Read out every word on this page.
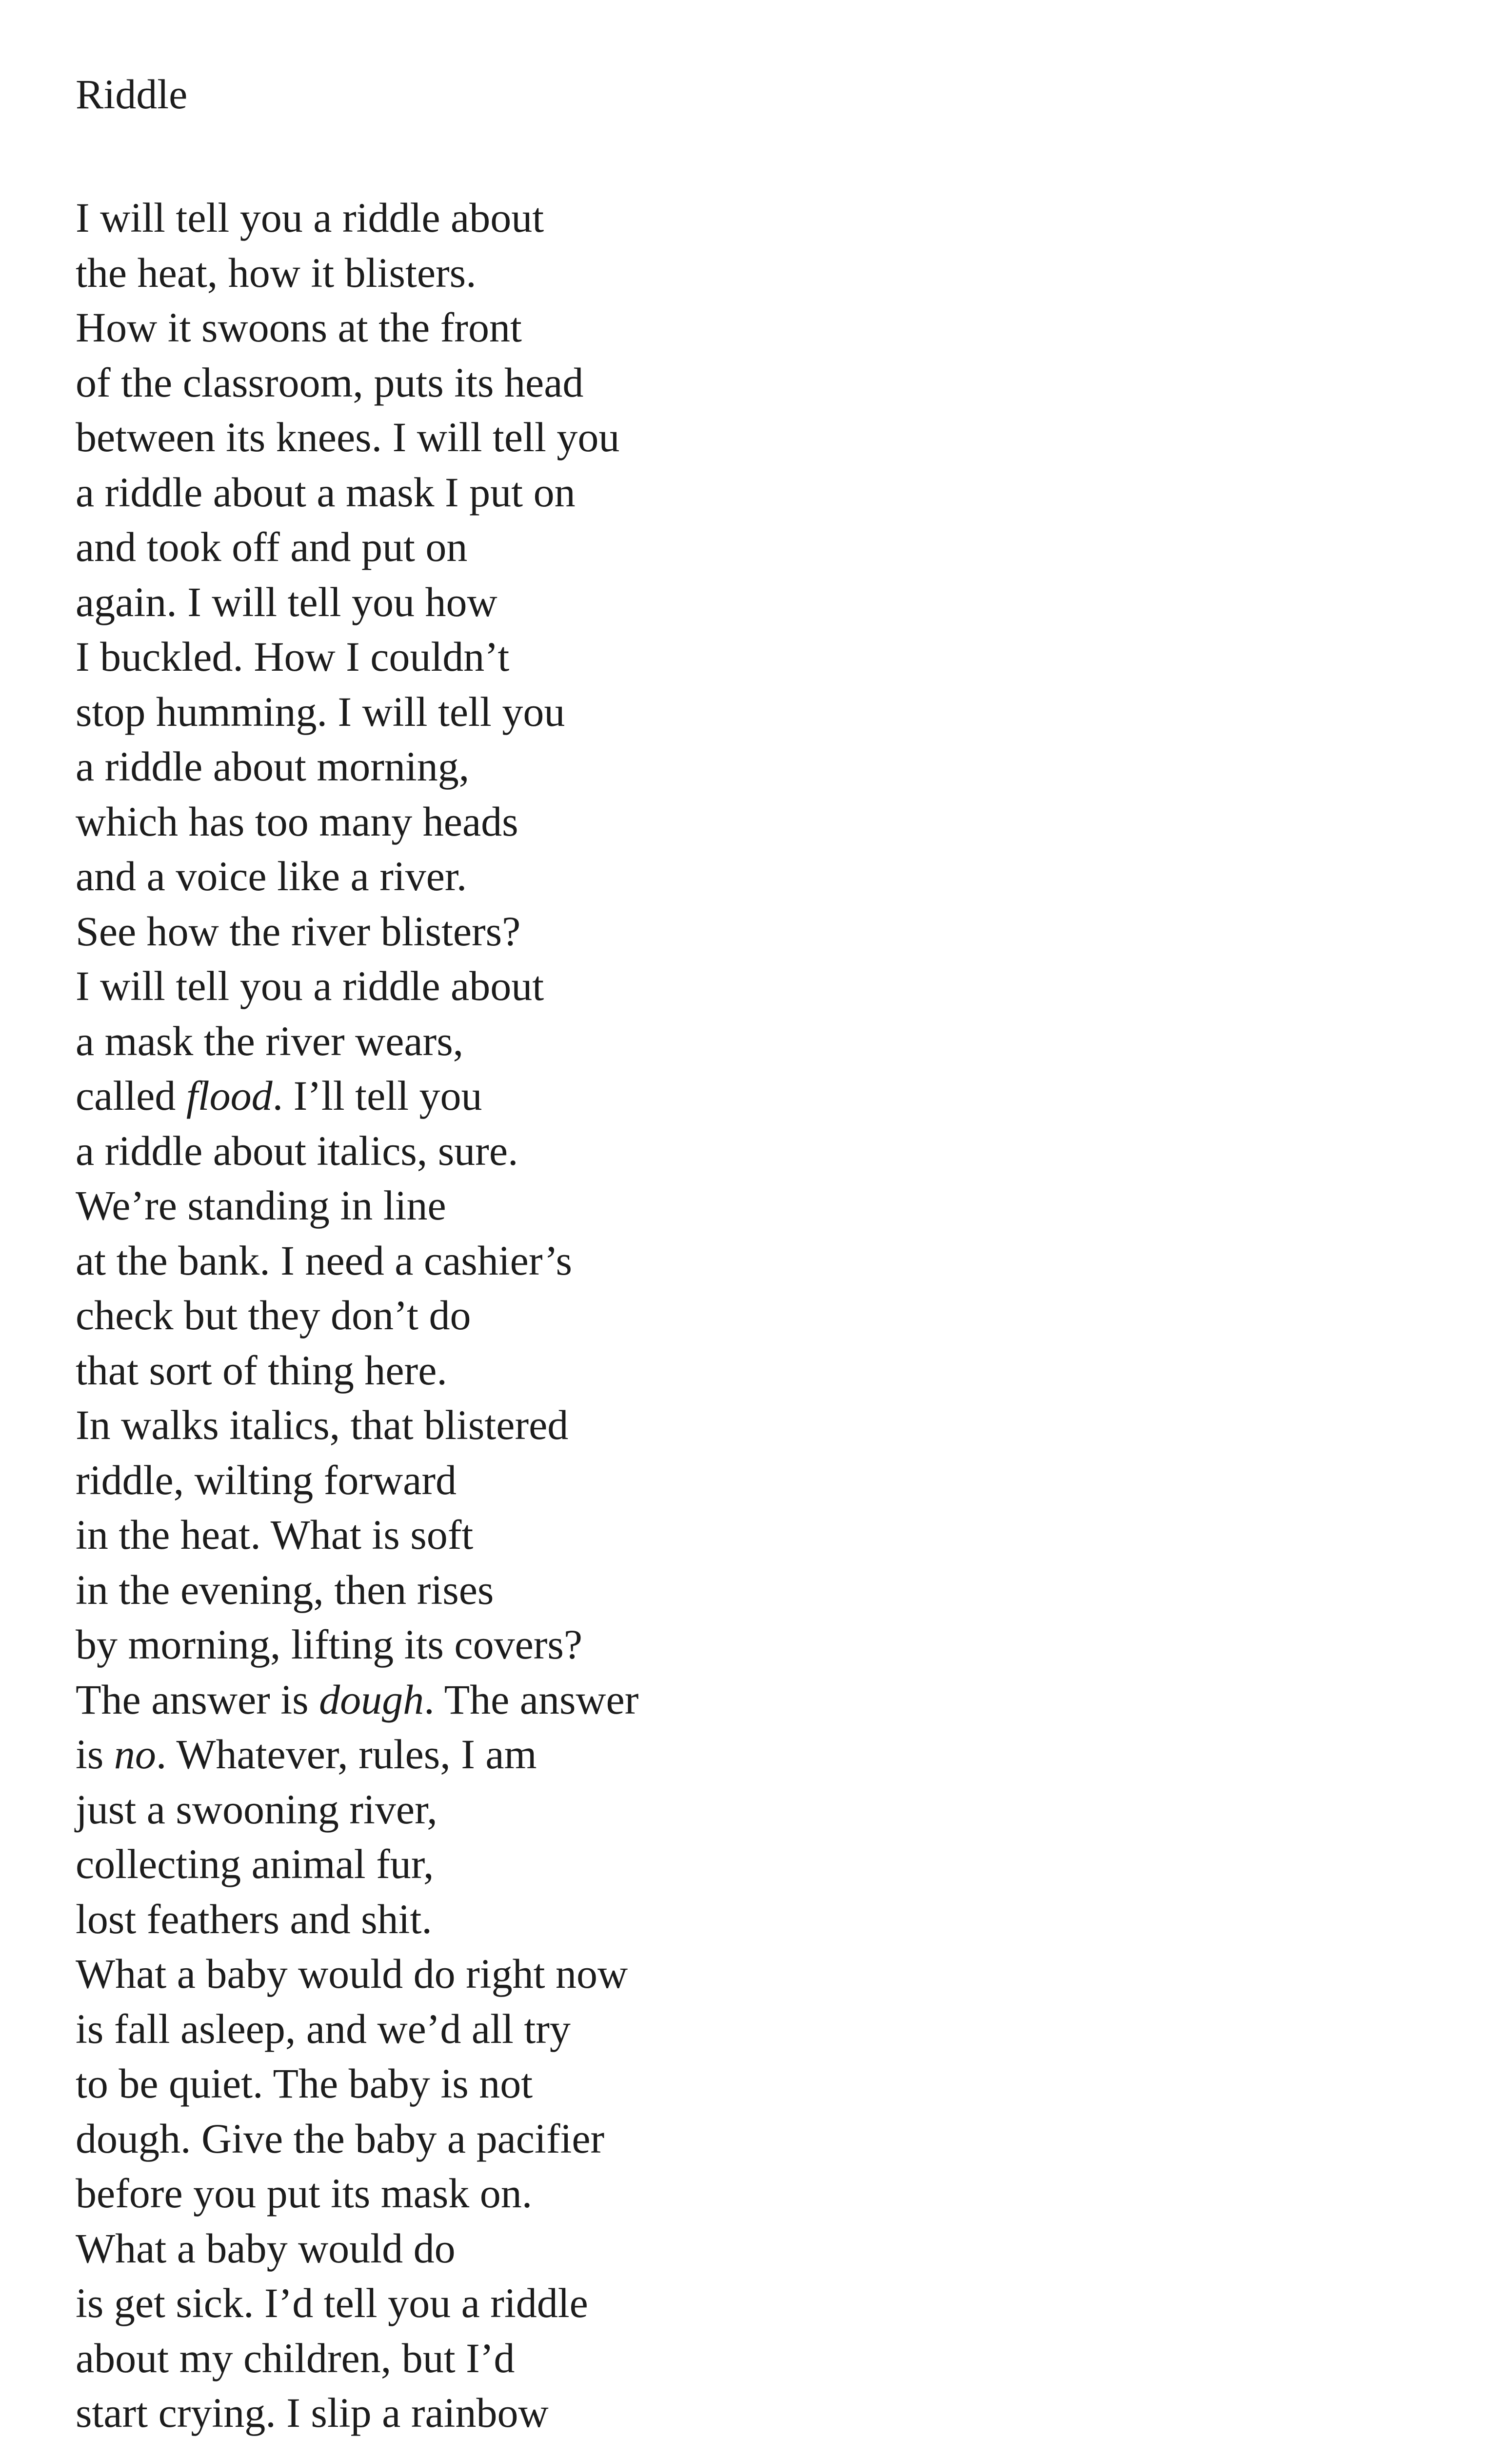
Riddle
I will tell you a riddle about
the heat, how it blisters.
How it swoons at the front
of the classroom, puts its head
between its knees. I will tell you
a riddle about a mask I put on
and took off and put on
again. I will tell you how
I buckled. How I couldn’t
stop humming. I will tell you
a riddle about morning,
which has too many heads
and a voice like a river.
See how the river blisters?
I will tell you a riddle about
a mask the river wears,
called flood. I’ll tell you
a riddle about italics, sure.
We’re standing in line
at the bank. I need a cashier’s
check but they don’t do
that sort of thing here.
In walks italics, that blistered
riddle, wilting forward
in the heat. What is soft
in the evening, then rises
by morning, lifting its covers?
The answer is dough. The answer
is no. Whatever, rules, I am
just a swooning river,
collecting animal fur,
lost feathers and shit.
What a baby would do right now
is fall asleep, and we’d all try
to be quiet. The baby is not
dough. Give the baby a pacifier
before you put its mask on.
What a baby would do
is get sick. I’d tell you a riddle
about my children, but I’d
start crying. I slip a rainbow
